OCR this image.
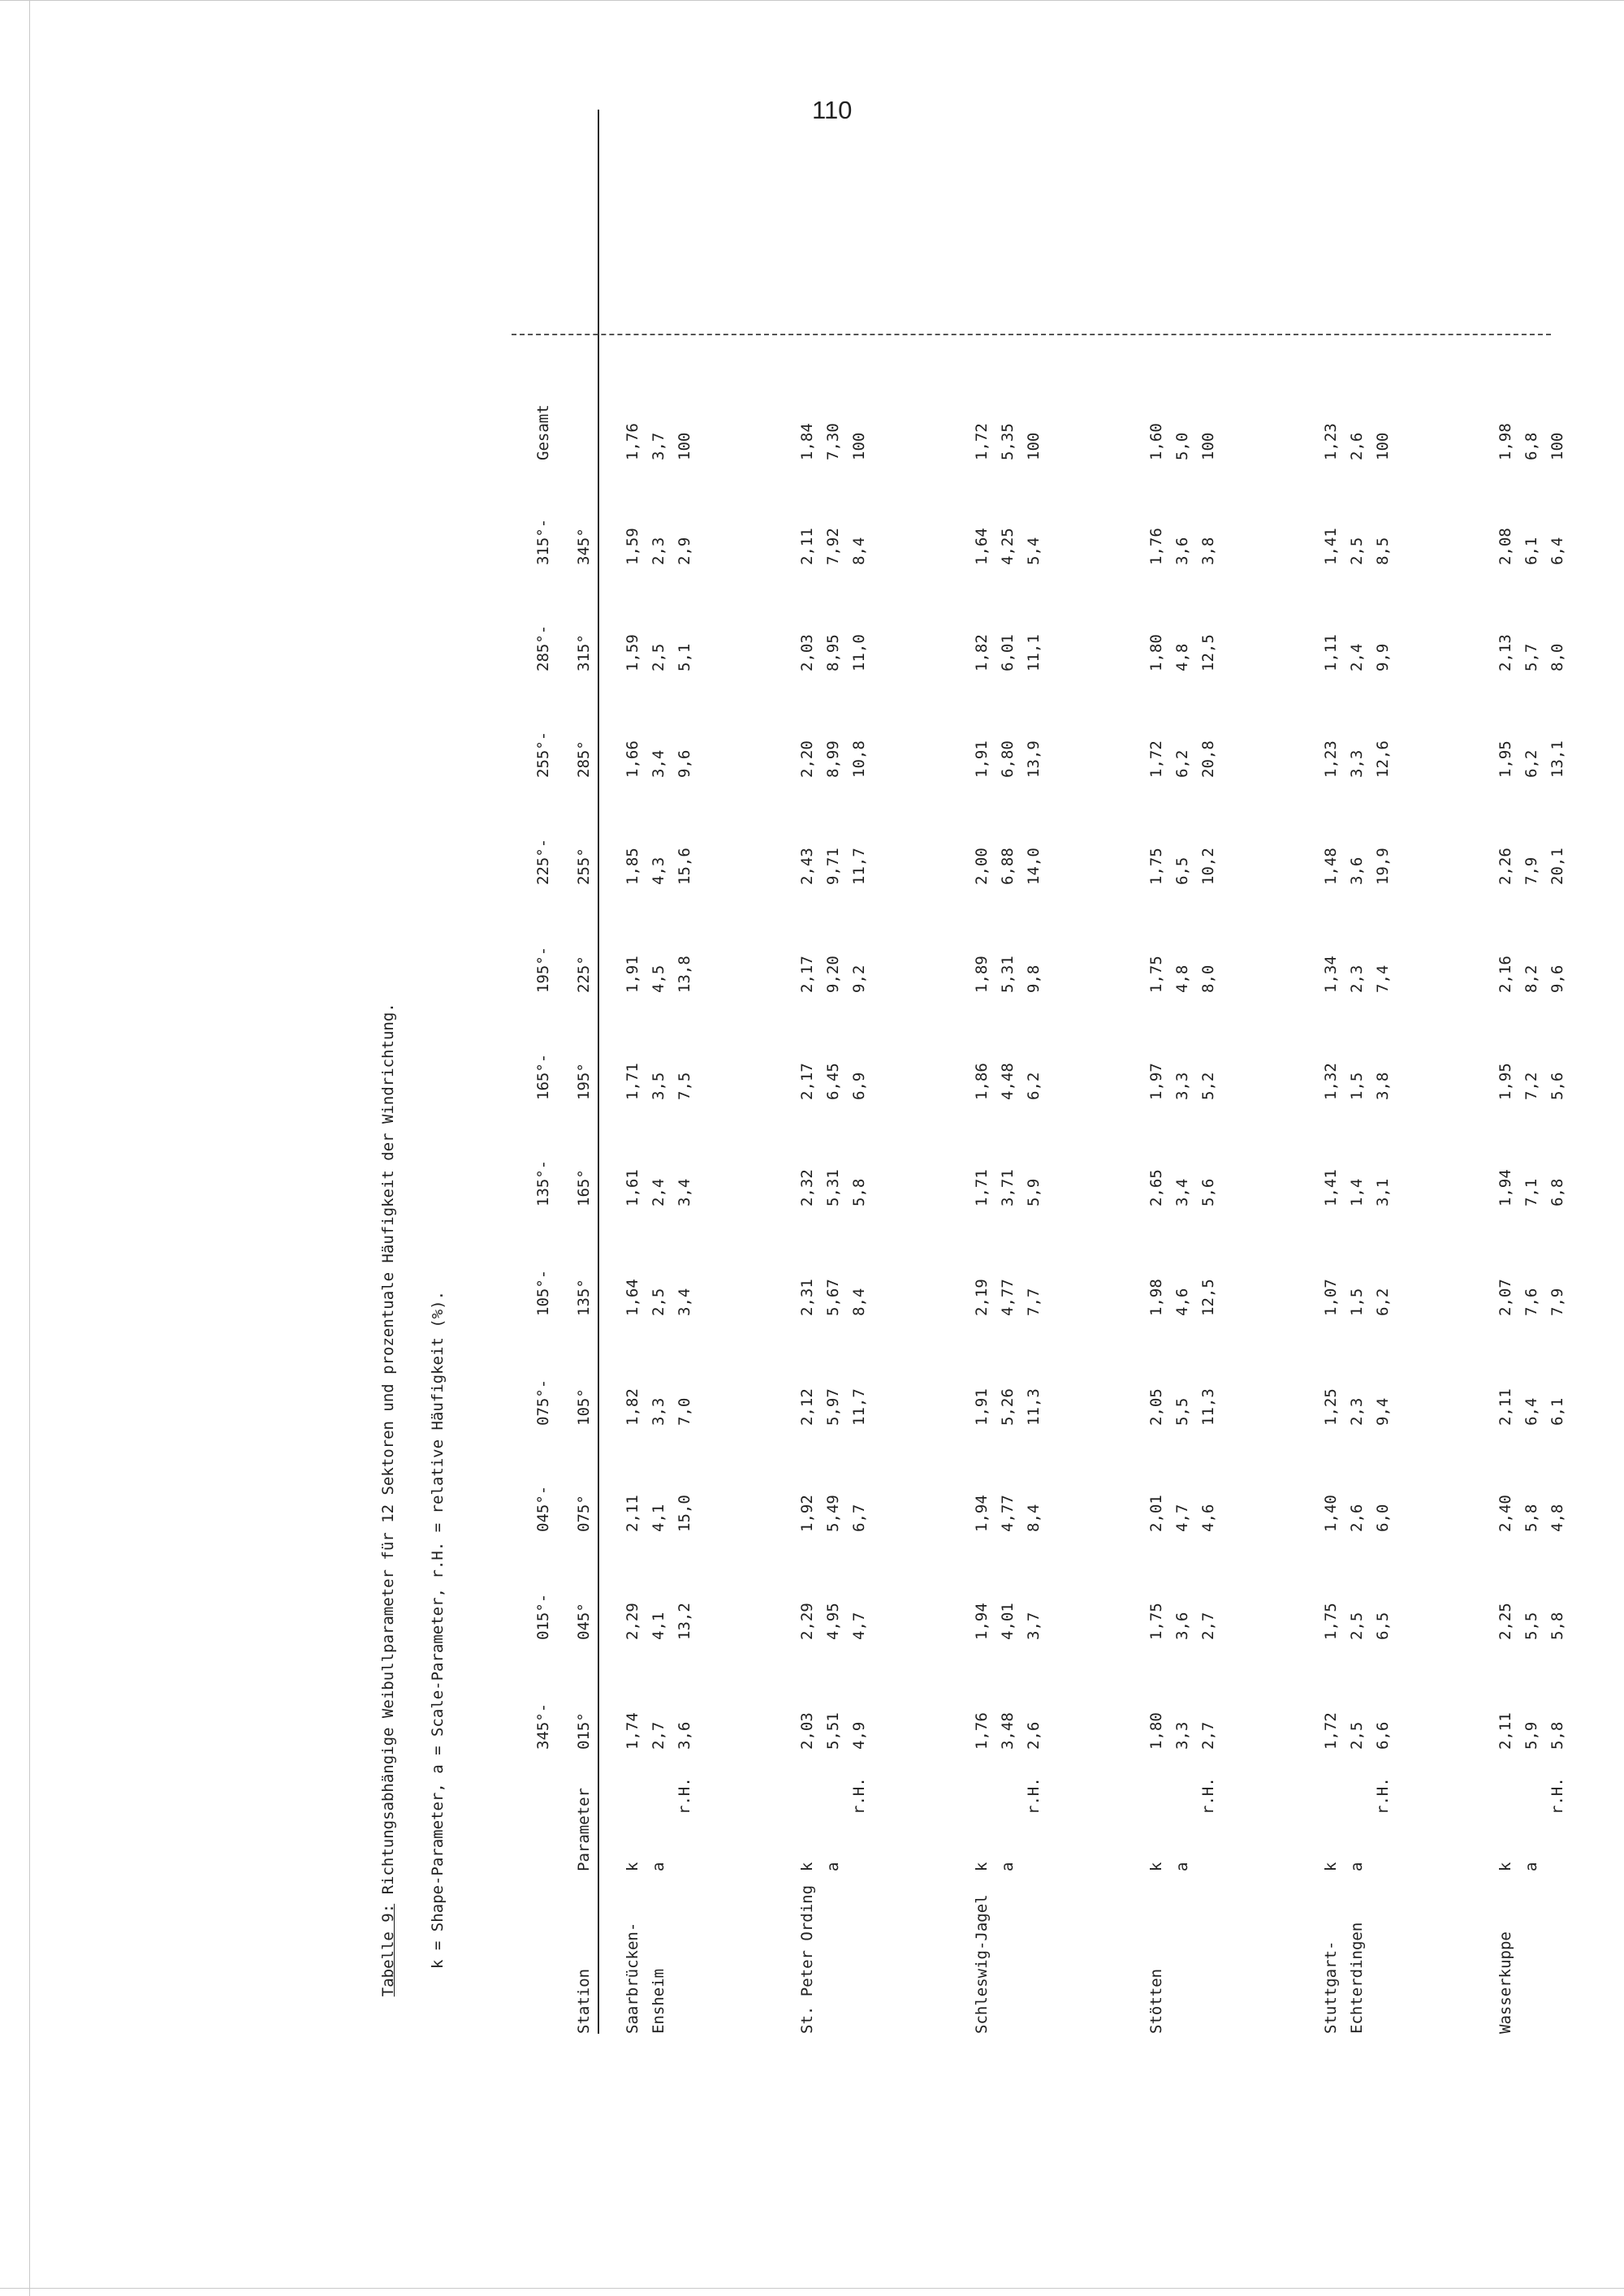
110

Tabelle 9: Richtungsabhängige Weibullparameter für 12 Sektoren und prozentuale Häufigkeit der Windrichtung.
	k = Shape-Parameter, a = Scale-Parameter, r.H. = relative Häufigkeit (%).	345°-
015°-
045°-
075°-
105°-
135°-
165°-
195°-
225°-
255°-
285°-
315°-
Gesamt
Station
Parameter
015°
045°
075°
105°
135°
165°
195°
225°
255°
285°
315°
345°
Saarbrücken-
k
1,74
2,29
2,11
1,82
1,64
1,61
1,71
1,91
1,85
1,66
1,59
1,59
1,76
Ensheim
a
2,7
4,1
4,1
3,3
2,5
2,4
3,5
4,5
4,3
3,4
2,5
2,3
3,7
r.H.
3,6
13,2
15,0
7,0
3,4
3,4
7,5
13,8
15,6
9,6
5,1
2,9
100
St. Peter Ording
k
2,03
2,29
1,92
2,12
2,31
2,32
2,17
2,17
2,43
2,20
2,03
2,11
1,84
a
5,51
4,95
5,49
5,97
5,67
5,31
6,45
9,20
9,71
8,99
8,95
7,92
7,30
r.H.
4,9
4,7
6,7
11,7
8,4
5,8
6,9
9,2
11,7
10,8
11,0
8,4
100
Schleswig-Jagel
k
1,76
1,94
1,94
1,91
2,19
1,71
1,86
1,89
2,00
1,91
1,82
1,64
1,72
a
3,48
4,01
4,77
5,26
4,77
3,71
4,48
5,31
6,88
6,80
6,01
4,25
5,35
r.H.
2,6
3,7
8,4
11,3
7,7
5,9
6,2
9,8
14,0
13,9
11,1
5,4
100
Stötten
k
1,80
1,75
2,01
2,05
1,98
2,65
1,97
1,75
1,75
1,72
1,80
1,76
1,60
a
3,3
3,6
4,7
5,5
4,6
3,4
3,3
4,8
6,5
6,2
4,8
3,6
5,0
r.H.
2,7
2,7
4,6
11,3
12,5
5,6
5,2
8,0
10,2
20,8
12,5
3,8
100
Stuttgart-
k
1,72
1,75
1,40
1,25
1,07
1,41
1,32
1,34
1,48
1,23
1,11
1,41
1,23
Echterdingen
a
2,5
2,5
2,6
2,3
1,5
1,4
1,5
2,3
3,6
3,3
2,4
2,5
2,6
r.H.
6,6
6,5
6,0
9,4
6,2
3,1
3,8
7,4
19,9
12,6
9,9
8,5
100
Wasserkuppe
k
2,11
2,25
2,40
2,11
2,07
1,94
1,95
2,16
2,26
1,95
2,13
2,08
1,98
a
5,9
5,5
5,8
6,4
7,6
7,1
7,2
8,2
7,9
6,2
5,7
6,1
6,8
r.H.
5,8
5,8
4,8
6,1
7,9
6,8
5,6
9,6
20,1
13,1
8,0
6,4
100
